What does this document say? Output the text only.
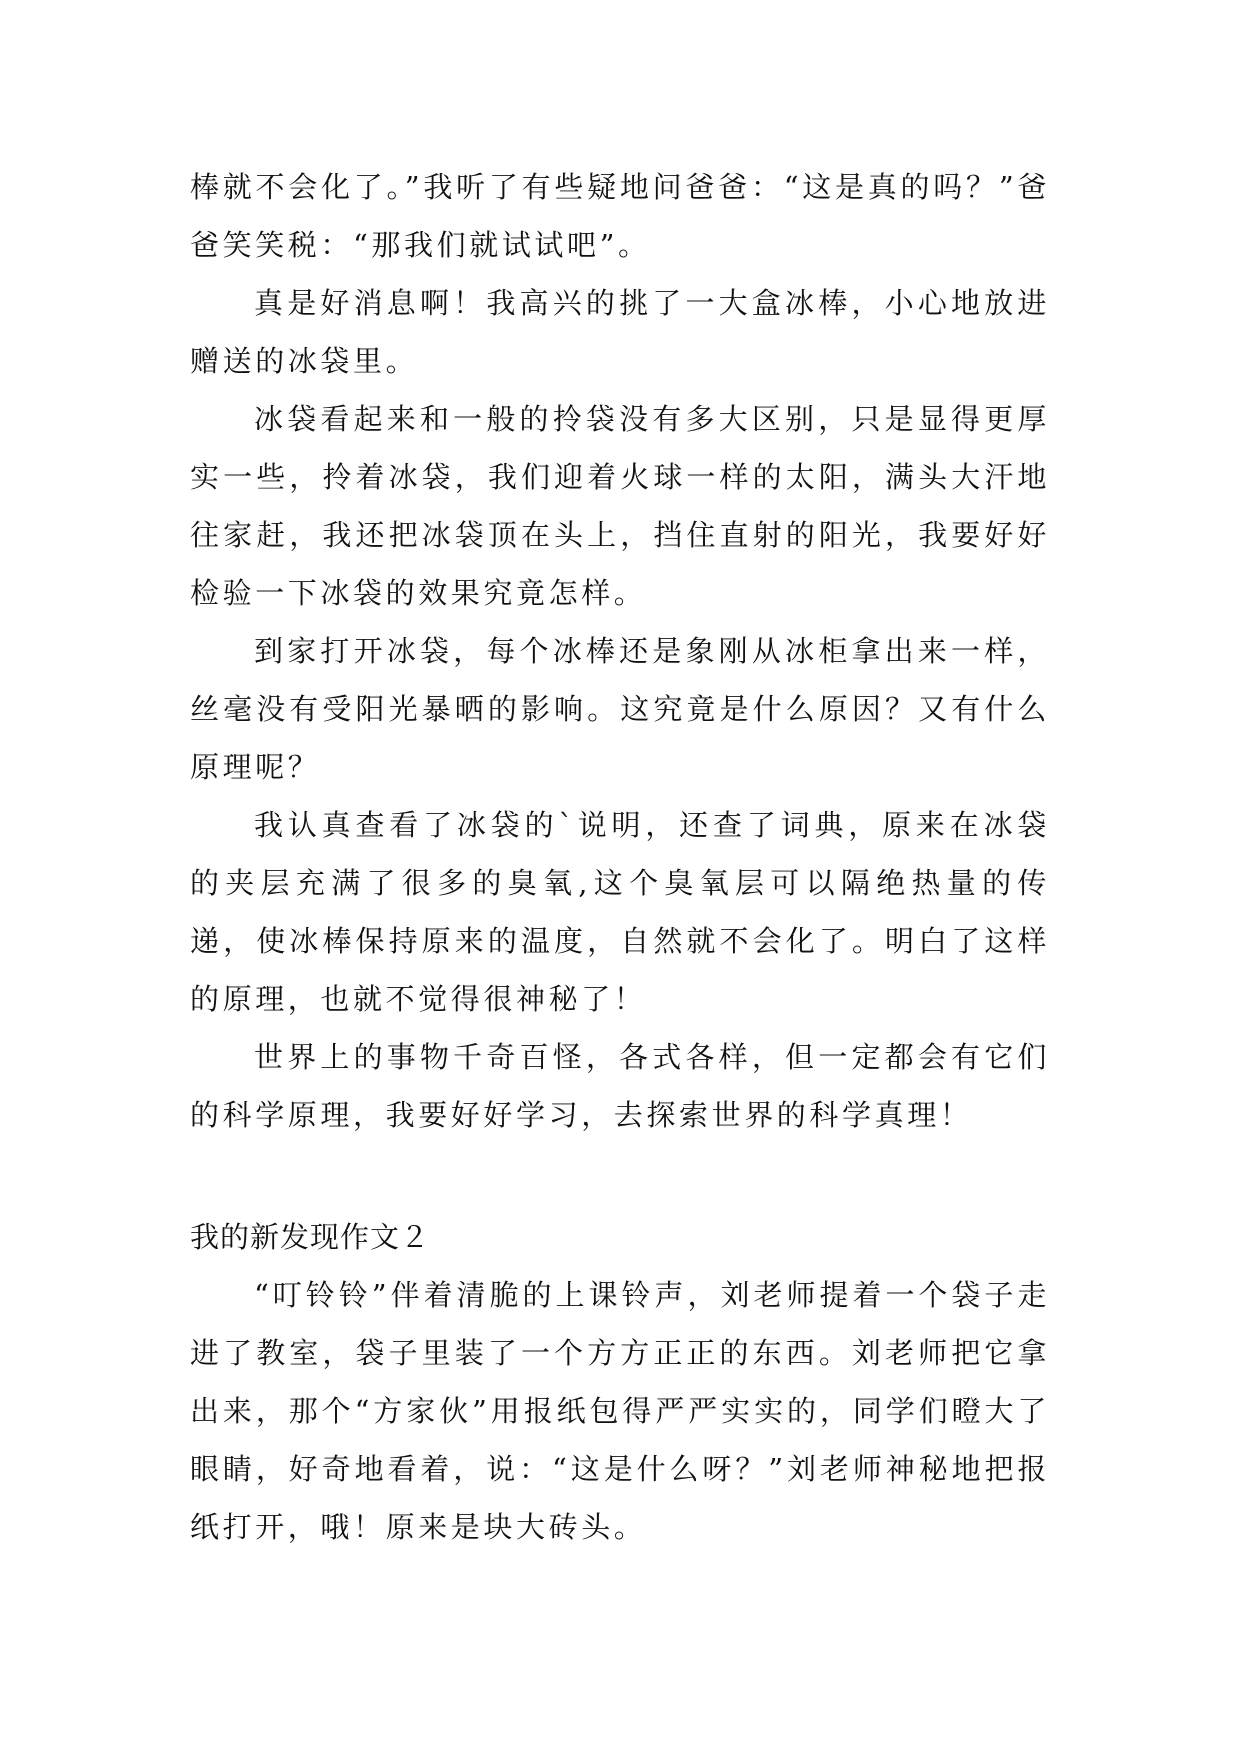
棒就不会化了。”我听了有些疑地问爸爸：“这是真的吗？”爸爸笑笑税：“那我们就试试吧”。

真是好消息啊！我高兴的挑了一大盒冰棒，小心地放进赠送的冰袋里。

冰袋看起来和一般的拎袋没有多大区别，只是显得更厚实一些，拎着冰袋，我们迎着火球一样的太阳，满头大汗地往家赶，我还把冰袋顶在头上，挡住直射的阳光，我要好好检验一下冰袋的效果究竟怎样。

到家打开冰袋，每个冰棒还是象刚从冰柜拿出来一样，丝毫没有受阳光暴晒的影响。这究竟是什么原因？又有什么原理呢？

我认真查看了冰袋的`说明，还查了词典，原来在冰袋的夹层充满了很多的臭氧,这个臭氧层可以隔绝热量的传递，使冰棒保持原来的温度，自然就不会化了。明白了这样的原理，也就不觉得很神秘了！

世界上的事物千奇百怪，各式各样，但一定都会有它们的科学原理，我要好好学习，去探索世界的科学真理！

我的新发现作文２

“叮铃铃”伴着清脆的上课铃声，刘老师提着一个袋子走进了教室，袋子里装了一个方方正正的东西。刘老师把它拿出来，那个“方家伙”用报纸包得严严实实的，同学们瞪大了眼睛，好奇地看着，说：“这是什么呀？”刘老师神秘地把报纸打开，哦！原来是块大砖头。
